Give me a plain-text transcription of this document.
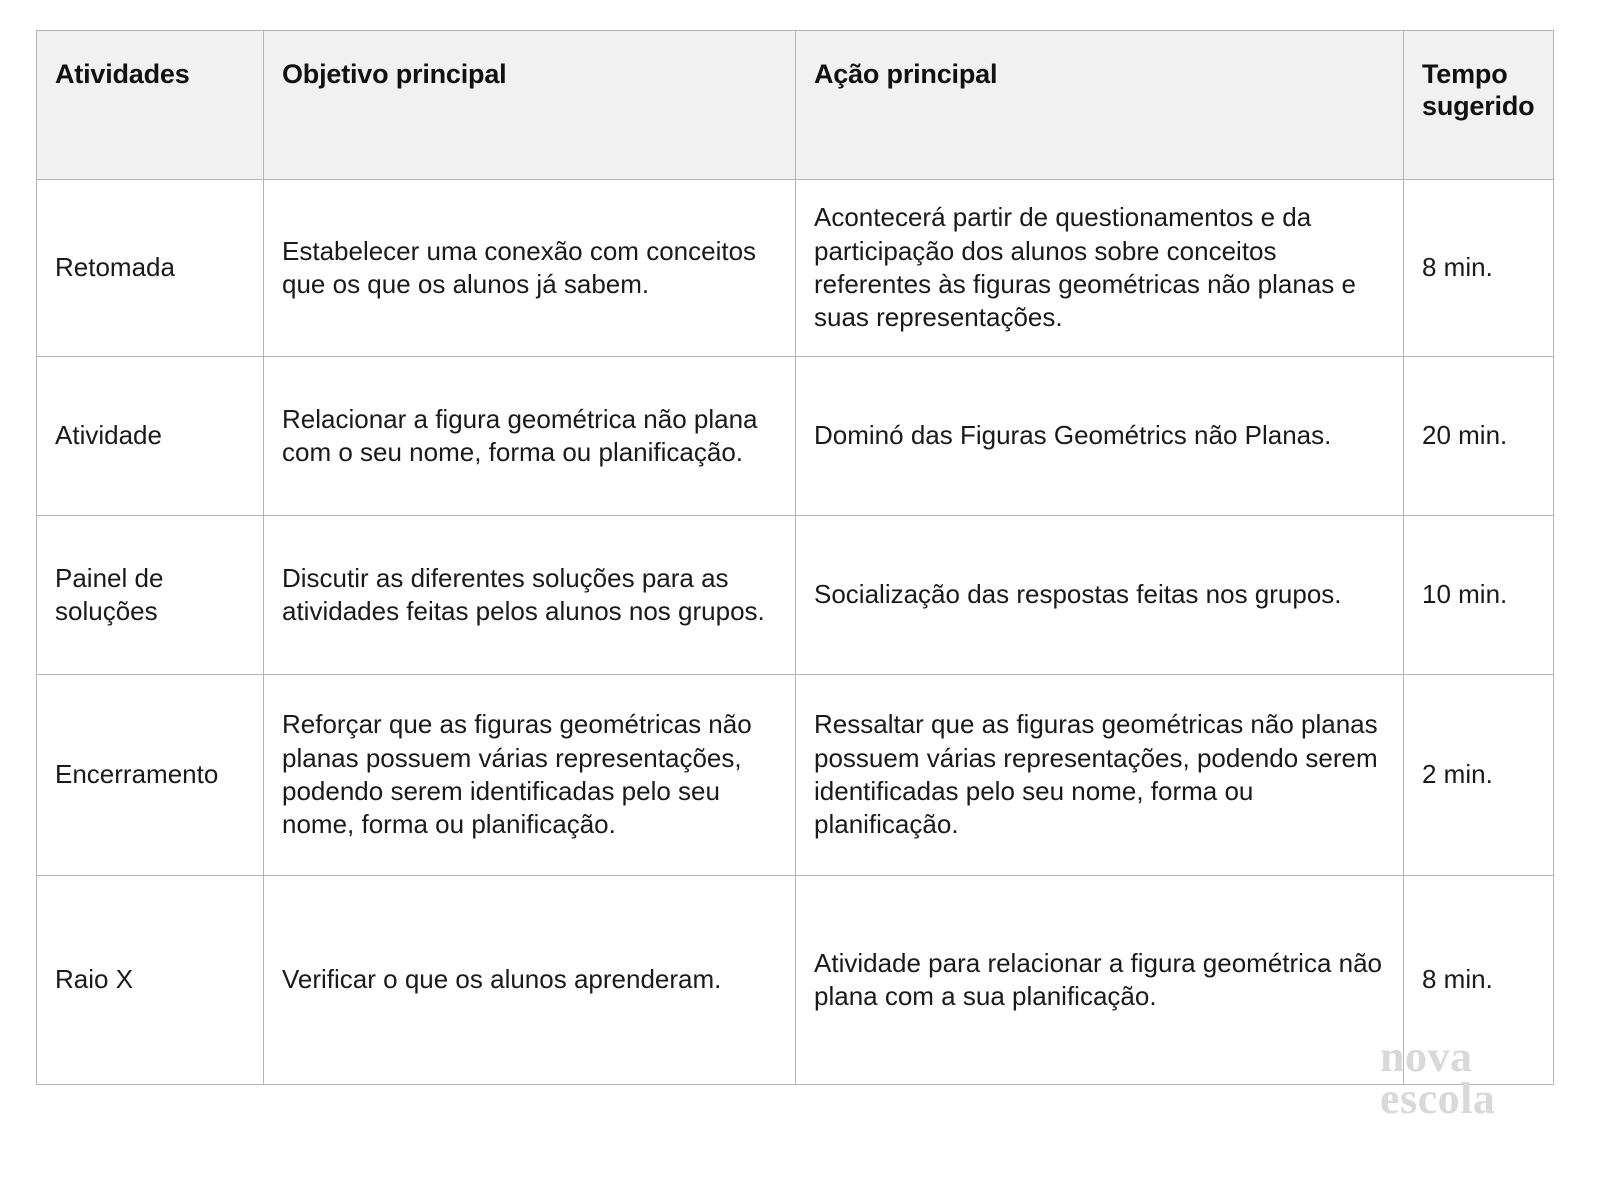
Atividades	Objetivo principal	Ação principal	Tempo sugerido

Retomada	Estabelecer uma conexão com conceitos que os que os alunos já sabem.	Acontecerá partir de questionamentos e da participação dos alunos sobre conceitos referentes às figuras geométricas não planas e suas representações.	8 min.

Atividade	Relacionar a figura geométrica não plana com o seu nome, forma ou planificação.	Dominó das Figuras Geométrics não Planas.	20 min.

Painel de soluções	Discutir as diferentes soluções para as atividades feitas pelos alunos nos grupos.	Socialização das respostas feitas nos grupos.	10 min.

Encerramento	Reforçar que as figuras geométricas não planas possuem várias representações, podendo serem identificadas pelo seu nome, forma ou planificação.	Ressaltar que as figuras geométricas não planas possuem várias representações, podendo serem identificadas pelo seu nome, forma ou planificação.	2 min.

Raio X	Verificar o que os alunos aprenderam.	Atividade para relacionar a figura geométrica não plana com a sua planificação.	8 min.
nova
escola
